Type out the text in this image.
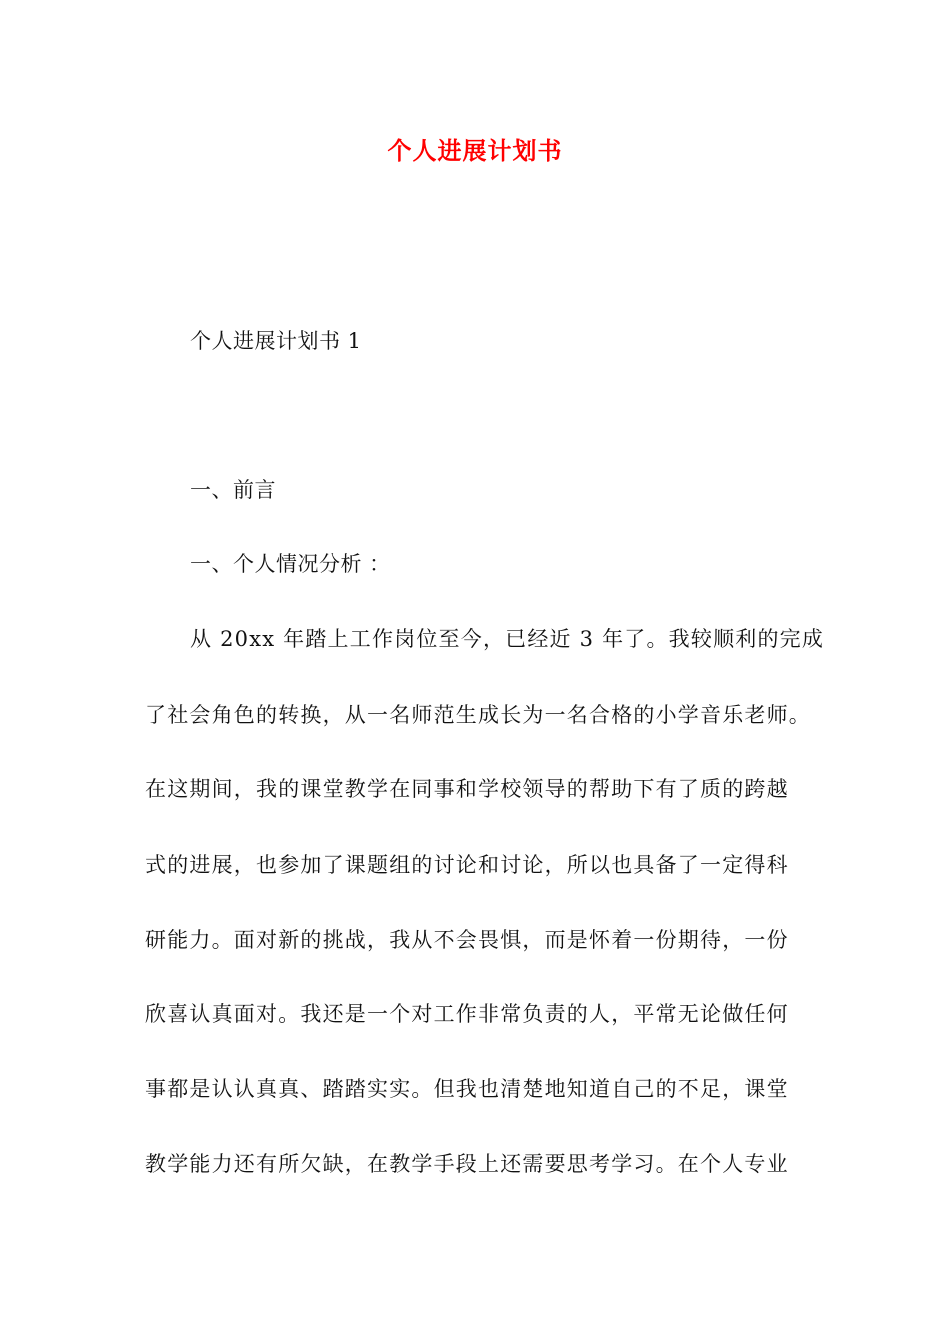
个人进展计划书
个人进展计划书 1
一、前言
一、个人情况分析 ：
从 20xx 年踏上工作岗位至今，已经近 3 年了。我较顺利的完成
了社会角色的转换，从一名师范生成长为一名合格的小学音乐老师。
在这期间，我的课堂教学在同事和学校领导的帮助下有了质的跨越
式的进展，也参加了课题组的讨论和讨论，所以也具备了一定得科
研能力。面对新的挑战，我从不会畏惧，而是怀着一份期待，一份
欣喜认真面对。我还是一个对工作非常负责的人，平常无论做任何
事都是认认真真、踏踏实实。但我也清楚地知道自己的不足，课堂
教学能力还有所欠缺，在教学手段上还需要思考学习。在个人专业
